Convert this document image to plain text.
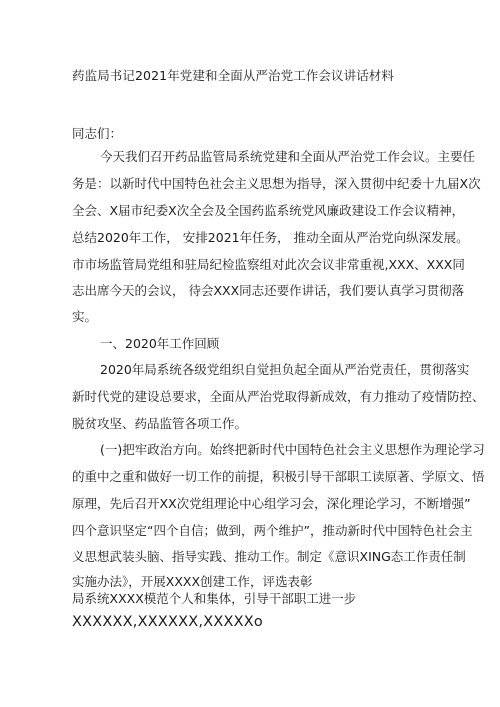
药监局书记2021年党建和全面从严治党工作会议讲话材料
同志们：
今天我们召开药品监管局系统党建和全面从严治党工作会议。主要任
务是：以新时代中国特色社会主义思想为指导，深入贯彻中纪委十九届X次
全会、X届市纪委X次全会及全国药监系统党风廉政建设工作会议精神，
总结2020年工作， 安排2021年任务， 推动全面从严治党向纵深发展。
市市场监管局党组和驻局纪检监察组对此次会议非常重视,XXX、XXX同
志出席今天的会议， 待会XXX同志还要作讲话，我们要认真学习贯彻落
实。
一、2020年工作回顾
2020年局系统各级党组织自觉担负起全面从严治党责任，贯彻落实
新时代党的建设总要求，全面从严治党取得新成效，有力推动了疫情防控、
脱贫攻坚、药品监管各项工作。
(一)把牢政治方向。始终把新时代中国特色社会主义思想作为理论学习
的重中之重和做好一切工作的前提，积极引导干部职工读原著、学原文、悟
原理，先后召开XX次党组理论中心组学习会，深化理论学习，不断增强”
四个意识坚定“四个自信；做到，两个维护”，推动新时代中国特色社会主
义思想武装头脑、指导实践、推动工作。制定《意识XING态工作责任制
实施办法》，开展XXXX创建工作，评选表彰
局系统XXXX模范个人和集体，引导干部职工进一步
XXXXXX,XXXXXX,XXXXXo
